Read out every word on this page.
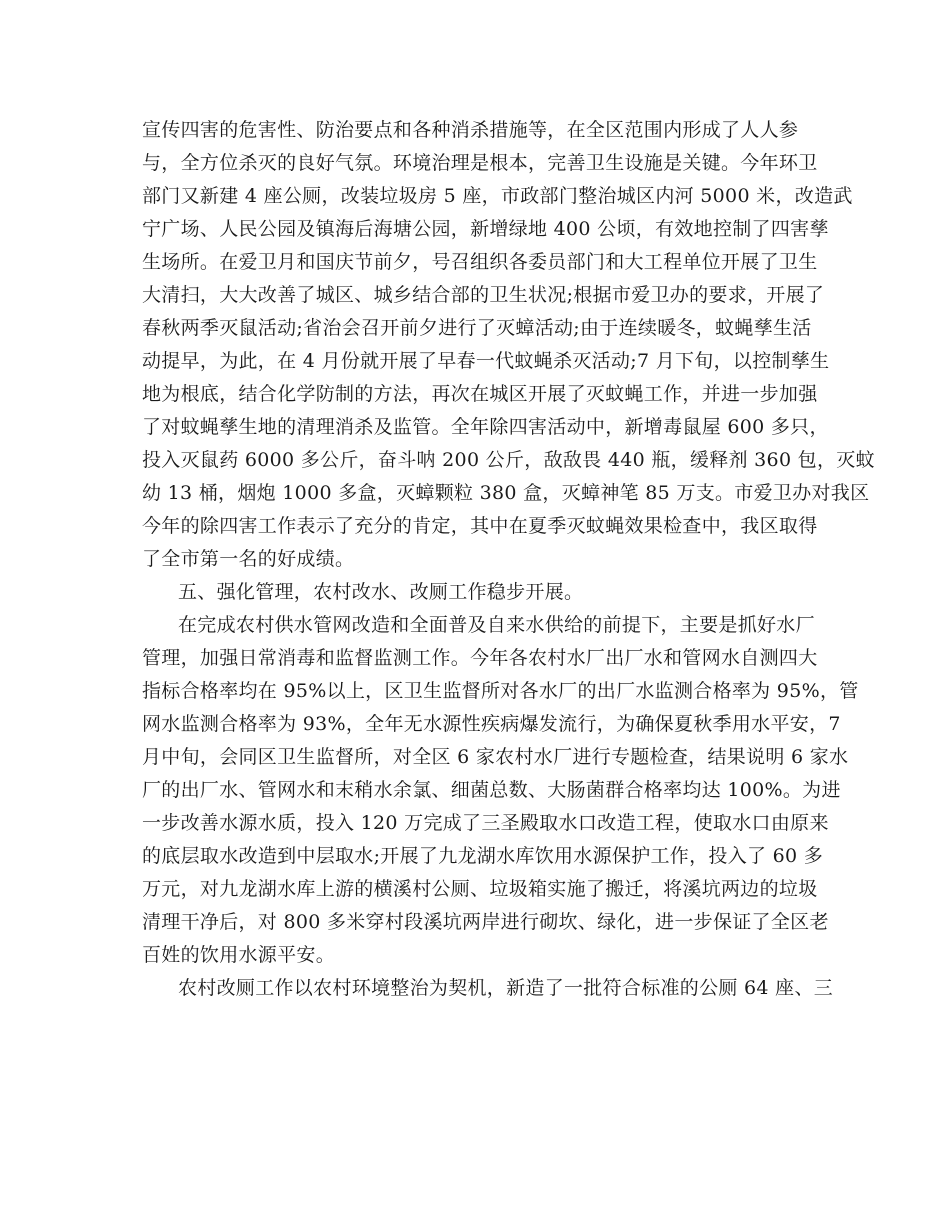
宣传四害的危害性、防治要点和各种消杀措施等，在全区范围内形成了人人参
与，全方位杀灭的良好气氛。环境治理是根本，完善卫生设施是关键。今年环卫
部门又新建 4 座公厕，改装垃圾房 5 座，市政部门整治城区内河 5000 米，改造武
宁广场、人民公园及镇海后海塘公园，新增绿地 400 公顷，有效地控制了四害孳
生场所。在爱卫月和国庆节前夕，号召组织各委员部门和大工程单位开展了卫生
大清扫，大大改善了城区、城乡结合部的卫生状况;根据市爱卫办的要求，开展了
春秋两季灭鼠活动;省治会召开前夕进行了灭蟑活动;由于连续暖冬，蚊蝇孳生活
动提早，为此，在 4 月份就开展了早春一代蚊蝇杀灭活动;7 月下旬，以控制孳生
地为根底，结合化学防制的方法，再次在城区开展了灭蚊蝇工作，并进一步加强
了对蚊蝇孳生地的清理消杀及监管。全年除四害活动中，新增毒鼠屋 600 多只，
投入灭鼠药 6000 多公斤，奋斗呐 200 公斤，敌敌畏 440 瓶，缓释剂 360 包，灭蚊
幼 13 桶，烟炮 1000 多盒，灭蟑颗粒 380 盒，灭蟑神笔 85 万支。市爱卫办对我区
今年的除四害工作表示了充分的肯定，其中在夏季灭蚊蝇效果检查中，我区取得
了全市第一名的好成绩。
五、强化管理，农村改水、改厕工作稳步开展。
在完成农村供水管网改造和全面普及自来水供给的前提下，主要是抓好水厂
管理，加强日常消毒和监督监测工作。今年各农村水厂出厂水和管网水自测四大
指标合格率均在 95%以上，区卫生监督所对各水厂的出厂水监测合格率为 95%，管
网水监测合格率为 93%，全年无水源性疾病爆发流行，为确保夏秋季用水平安，7
月中旬，会同区卫生监督所，对全区 6 家农村水厂进行专题检查，结果说明 6 家水
厂的出厂水、管网水和末稍水余氯、细菌总数、大肠菌群合格率均达 100%。为进
一步改善水源水质，投入 120 万完成了三圣殿取水口改造工程，使取水口由原来
的底层取水改造到中层取水;开展了九龙湖水库饮用水源保护工作，投入了 60 多
万元，对九龙湖水库上游的横溪村公厕、垃圾箱实施了搬迁，将溪坑两边的垃圾
清理干净后，对 800 多米穿村段溪坑两岸进行砌坎、绿化，进一步保证了全区老
百姓的饮用水源平安。
农村改厕工作以农村环境整治为契机，新造了一批符合标准的公厕 64 座、三
